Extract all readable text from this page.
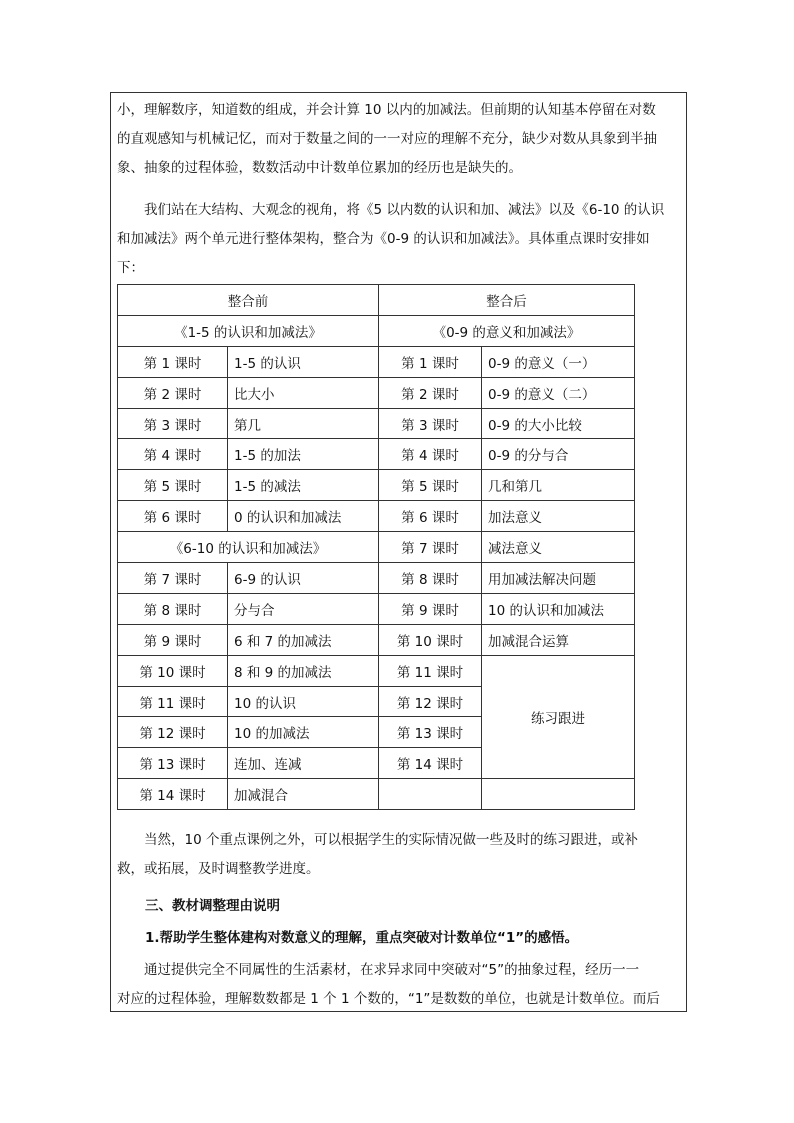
小，理解数序，知道数的组成，并会计算 10 以内的加减法。但前期的认知基本停留在对数
的直观感知与机械记忆，而对于数量之间的一一对应的理解不充分，缺少对数从具象到半抽
象、抽象的过程体验，数数活动中计数单位累加的经历也是缺失的。

　　我们站在大结构、大观念的视角，将《5 以内数的认识和加、减法》以及《6-10 的认识
和加减法》两个单元进行整体架构，整合为《0-9 的认识和加减法》。具体重点课时安排如
下：

整合前		整合后	
《1-5 的认识和加减法》		《0-9 的意义和加减法》	
第 1 课时	1-5 的认识	第 1 课时	0-9 的意义（一）
第 2 课时	比大小	第 2 课时	0-9 的意义（二）
第 3 课时	第几	第 3 课时	0-9 的大小比较
第 4 课时	1-5 的加法	第 4 课时	0-9 的分与合
第 5 课时	1-5 的减法	第 5 课时	几和第几
第 6 课时	0 的认识和加减法	第 6 课时	加法意义
《6-10 的认识和加减法》		第 7 课时	减法意义
第 7 课时	6-9 的认识	第 8 课时	用加减法解决问题
第 8 课时	分与合	第 9 课时	10 的认识和加减法
第 9 课时	6 和 7 的加减法	第 10 课时	加减混合运算
第 10 课时	8 和 9 的加减法	第 11 课时	练习跟进
第 11 课时	10 的认识	第 12 课时	
第 12 课时	10 的加减法	第 13 课时	
第 13 课时	连加、连减	第 14 课时	
第 14 课时	加减混合		

　　当然，10 个重点课例之外，可以根据学生的实际情况做一些及时的练习跟进，或补
救，或拓展，及时调整教学进度。

三、教材调整理由说明
1.帮助学生整体建构对数意义的理解，重点突破对计数单位“1”的感悟。

　　通过提供完全不同属性的生活素材，在求异求同中突破对“5”的抽象过程，经历一一
对应的过程体验，理解数数都是 1 个 1 个数的，“1”是数数的单位，也就是计数单位。而后
